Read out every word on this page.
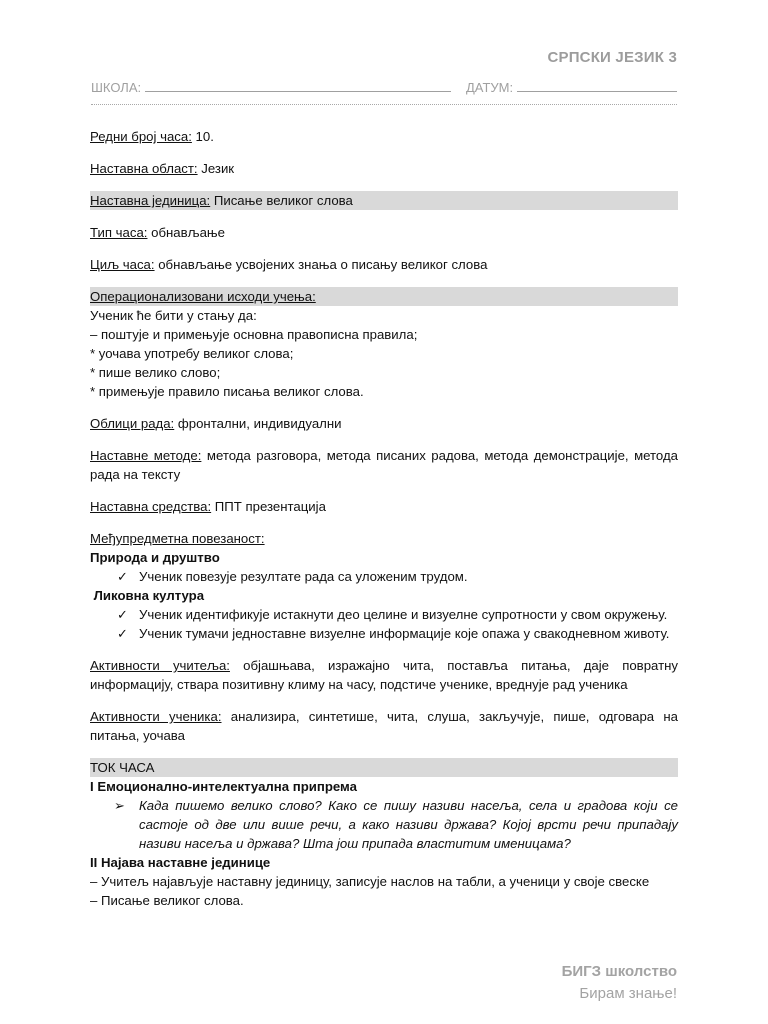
СРПСКИ ЈЕЗИК 3
ШКОЛА:	ДАТУМ:

Редни број часа: 10.

Наставна област: Језик

Наставна јединица: Писање великог слова

Тип часа: обнављање

Циљ часа: обнављање усвојених знања о писању великог слова

Операционализовани исходи учења:

Ученик ће бити у стању да:

– поштује и примењује основна правописна правила;

* уочава употребу великог слова;

* пише велико слово;

* примењује правило писања великог слова.

Облици рада: фронтални, индивидуални

Наставне методе: метода разговора, метода писаних радова, метода демонстрације, метода рада на тексту

Наставна средства: ППТ презентација

Међупредметна повезаност:

Природа и друштво

✓ Ученик повезује резултате рада са уложеним трудом.

Ликовна култура

✓ Ученик идентификује истакнути део целине и визуелне супротности у свом окружењу.
✓ Ученик тумачи једноставне визуелне информације које опажа у свакодневном животу.

Активности учитеља: објашњава, изражајно чита, поставља питања, даје повратну информацију, ствара позитивну климу на часу, подстиче ученике, вреднује рад ученика

Активности ученика: анализира, синтетише, чита, слуша, закључује, пише, одговара на питања, уочава

ТОК ЧАСА

I Емоционално-интелектуална припрема

➢ Када пишемо велико слово? Како се пишу називи насеља, села и градова који се састоје од две или више речи, а како називи држава? Којој врсти речи припадају називи насеља и држава? Шта још припада властитим именицама?

II Најава наставне јединице

– Учитељ најављује наставну јединицу, записује наслов на табли, а ученици у своје свеске

– Писање великог слова.

БИГЗ школство
Бирам знање!
